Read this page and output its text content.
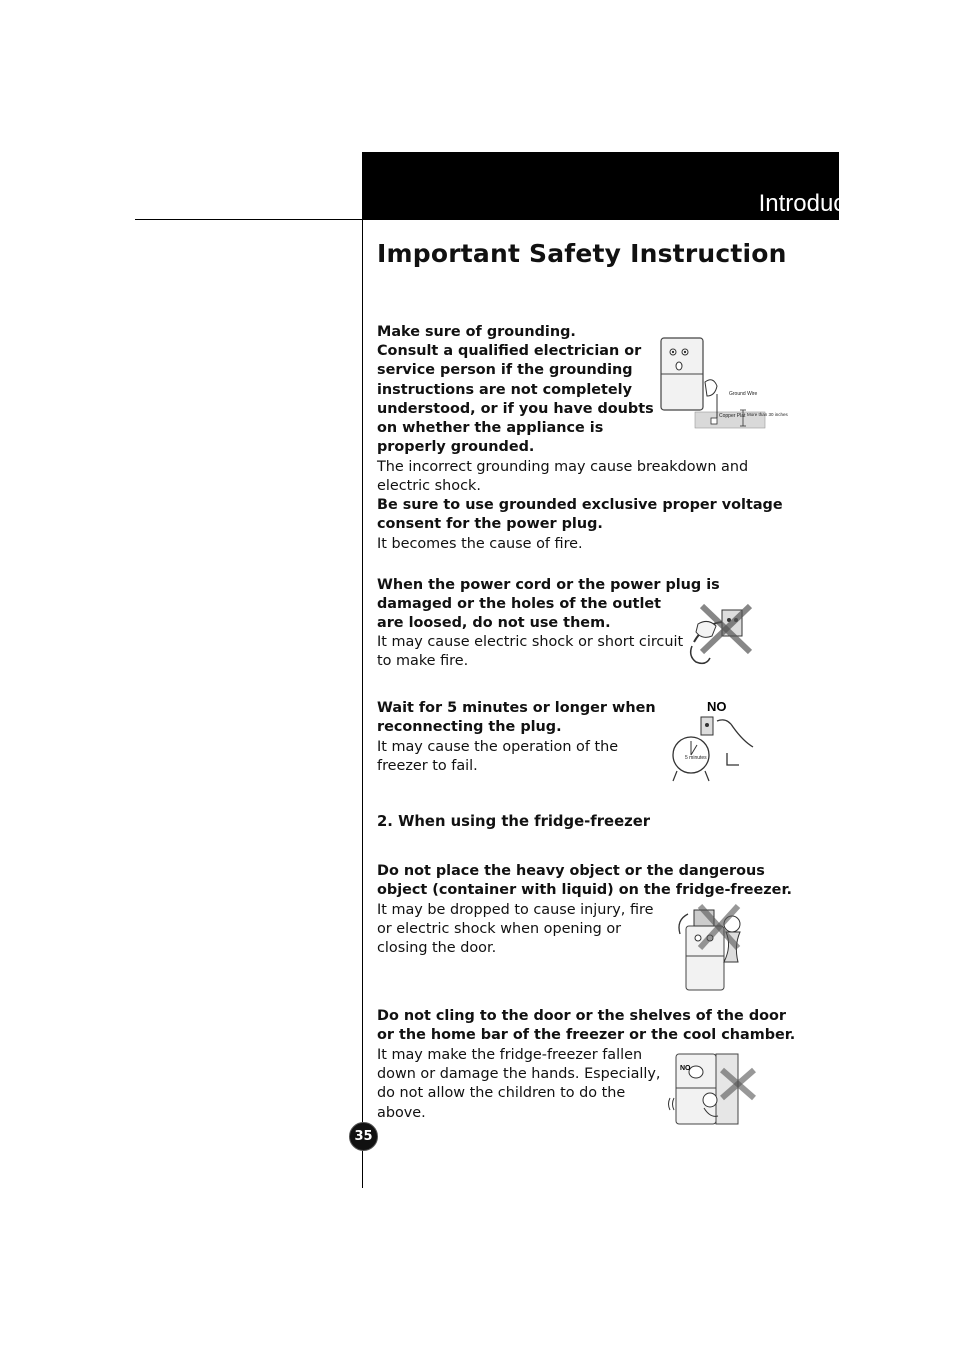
Introduction
Important Safety Instruction

Make sure of grounding.
Consult a qualified electrician or
service person if the grounding
instructions are not completely
understood, or if you have doubts
on whether the appliance is
properly grounded.

The incorrect grounding may cause breakdown and
electric shock.

Be sure to use grounded exclusive proper voltage
consent for the power plug.

It becomes the cause of fire.

Ground Wire
Copper Plat More than 30 inches

When the power cord or the power plug is
damaged or the holes of the outlet
are loosed, do not use them.

It may cause electric shock or short circuit
to make fire.

Wait for 5 minutes or longer when
reconnecting the plug.

It may cause the operation of the
freezer to fail.

NO
5 minutes

2. When using the fridge-freezer

Do not place the heavy object or the dangerous
object (container with liquid) on the fridge-freezer.

It may be dropped to cause injury, fire
or electric shock when opening or
closing the door.

Do not cling to the door or the shelves of the door
or the home bar of the freezer or the cool chamber.

It may make the fridge-freezer fallen
down or damage the hands. Especially,
do not allow the children to do the
above.

NO
35
